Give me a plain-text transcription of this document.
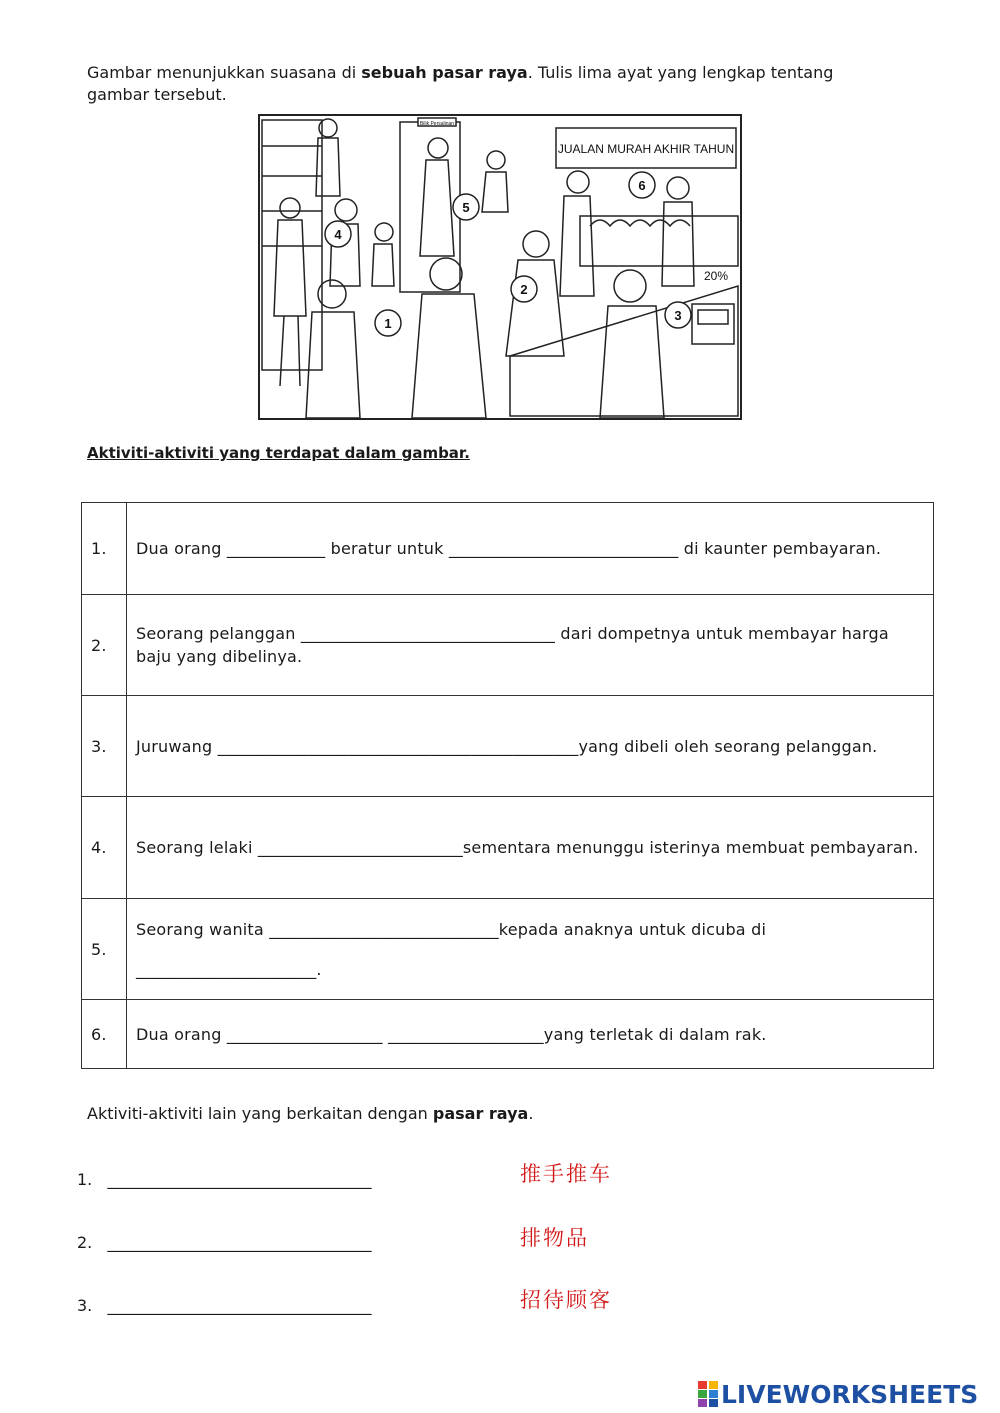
Gambar menunjukkan suasana di sebuah pasar raya. Tulis lima ayat yang lengkap tentang gambar tersebut.

JUALAN MURAH AKHIR TAHUN
Bilik Persalinan
20%
1
2
3
4
5
6

Aktiviti-aktiviti yang terdapat dalam gambar.

1.	Dua orang ____________ beratur untuk ____________________________ di kaunter pembayaran.
2.	Seorang pelanggan _______________________________ dari dompetnya untuk membayar harga baju yang dibelinya.
3.	Juruwang ____________________________________________yang dibeli oleh seorang pelanggan.
4.	Seorang lelaki _________________________sementara menunggu isterinya membuat pembayaran.
5.	Seorang wanita ____________________________kepada anaknya untuk dicuba di
______________________.

6.	Dua orang ___________________ ___________________yang terletak di dalam rak.

Aktiviti-aktiviti lain yang berkaitan dengan pasar raya.

1. _________________________________	推手推车
2. _________________________________	排物品
3. _________________________________	招待顾客
LIVEWORKSHEETS
